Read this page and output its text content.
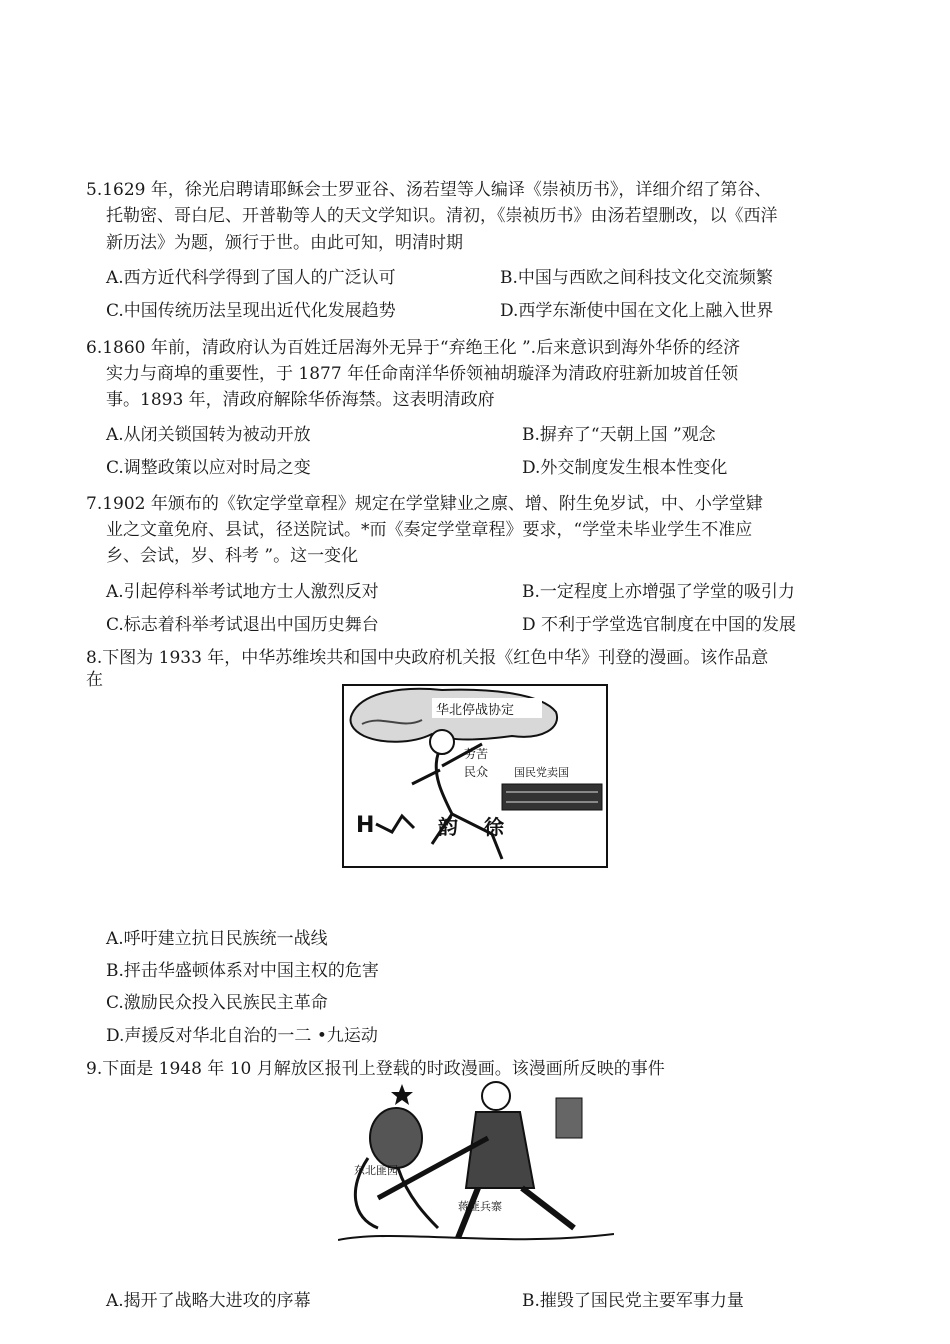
5.1629 年，徐光启聘请耶稣会士罗亚谷、汤若望等人编译《崇祯历书》，详细介绍了第谷、
托勒密、哥白尼、开普勒等人的天文学知识。清初，《崇祯历书》由汤若望删改，以《西洋
新历法》为题，颁行于世。由此可知，明清时期
A.西方近代科学得到了国人的广泛认可	B.中国与西欧之间科技文化交流频繁
C.中国传统历法呈现出近代化发展趋势	D.西学东渐使中国在文化上融入世界
6.1860 年前，清政府认为百姓迁居海外无异于“弃绝王化 ”.后来意识到海外华侨的经济
实力与商埠的重要性，于 1877 年任命南洋华侨领袖胡璇泽为清政府驻新加坡首任领
事。1893 年，清政府解除华侨海禁。这表明清政府
A.从闭关锁国转为被动开放	B.摒弃了“天朝上国 ”观念
C.调整政策以应对时局之变	D.外交制度发生根本性变化
7.1902 年颁布的《钦定学堂章程》规定在学堂肄业之廪、增、附生免岁试，中、小学堂肄
业之文童免府、县试，径送院试。*而《奏定学堂章程》要求，“学堂未毕业学生不准应
乡、会试，岁、科考 ”。这一变化
A.引起停科举考试地方士人激烈反对	B.一定程度上亦增强了学堂的吸引力
C.标志着科举考试退出中国历史舞台	D 不利于学堂选官制度在中国的发展
8.下图为 1933 年，中华苏维埃共和国中央政府机关报《红色中华》刊登的漫画。该作品意
在
华北停战协定
劳苦
民众 国民党卖国
H	韵 徐
A.呼吁建立抗日民族统一战线
B.抨击华盛顿体系对中国主权的危害
C.激励民众投入民族民主革命
D.声援反对华北自治的一二 •九运动
9.下面是 1948 年 10 月解放区报刊上登载的时政漫画。该漫画所反映的事件
东北匪园
蒋匪兵寨
A.揭开了战略大进攻的序幕	B.摧毁了国民党主要军事力量
